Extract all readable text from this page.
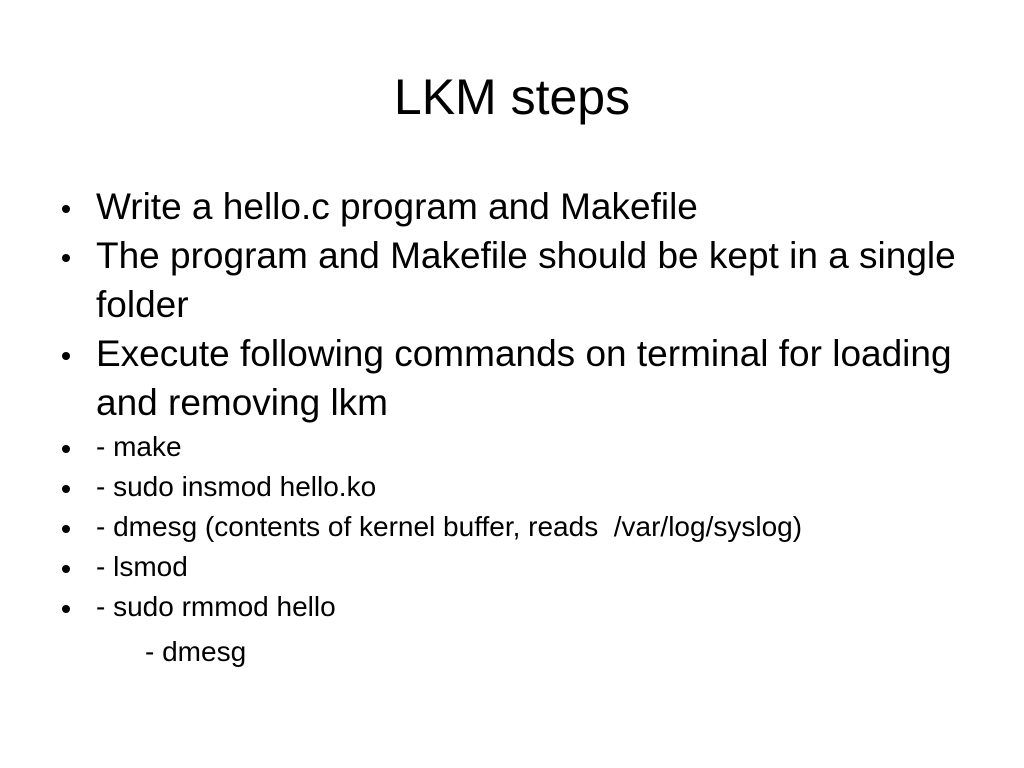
LKM steps
Write a hello.c program and Makefile
The program and Makefile should be kept in a single folder
Execute following commands on terminal for loading and removing lkm
- make
- sudo insmod hello.ko
- dmesg (contents of kernel buffer, reads  /var/log/syslog)
- lsmod
- sudo rmmod hello

- dmesg
